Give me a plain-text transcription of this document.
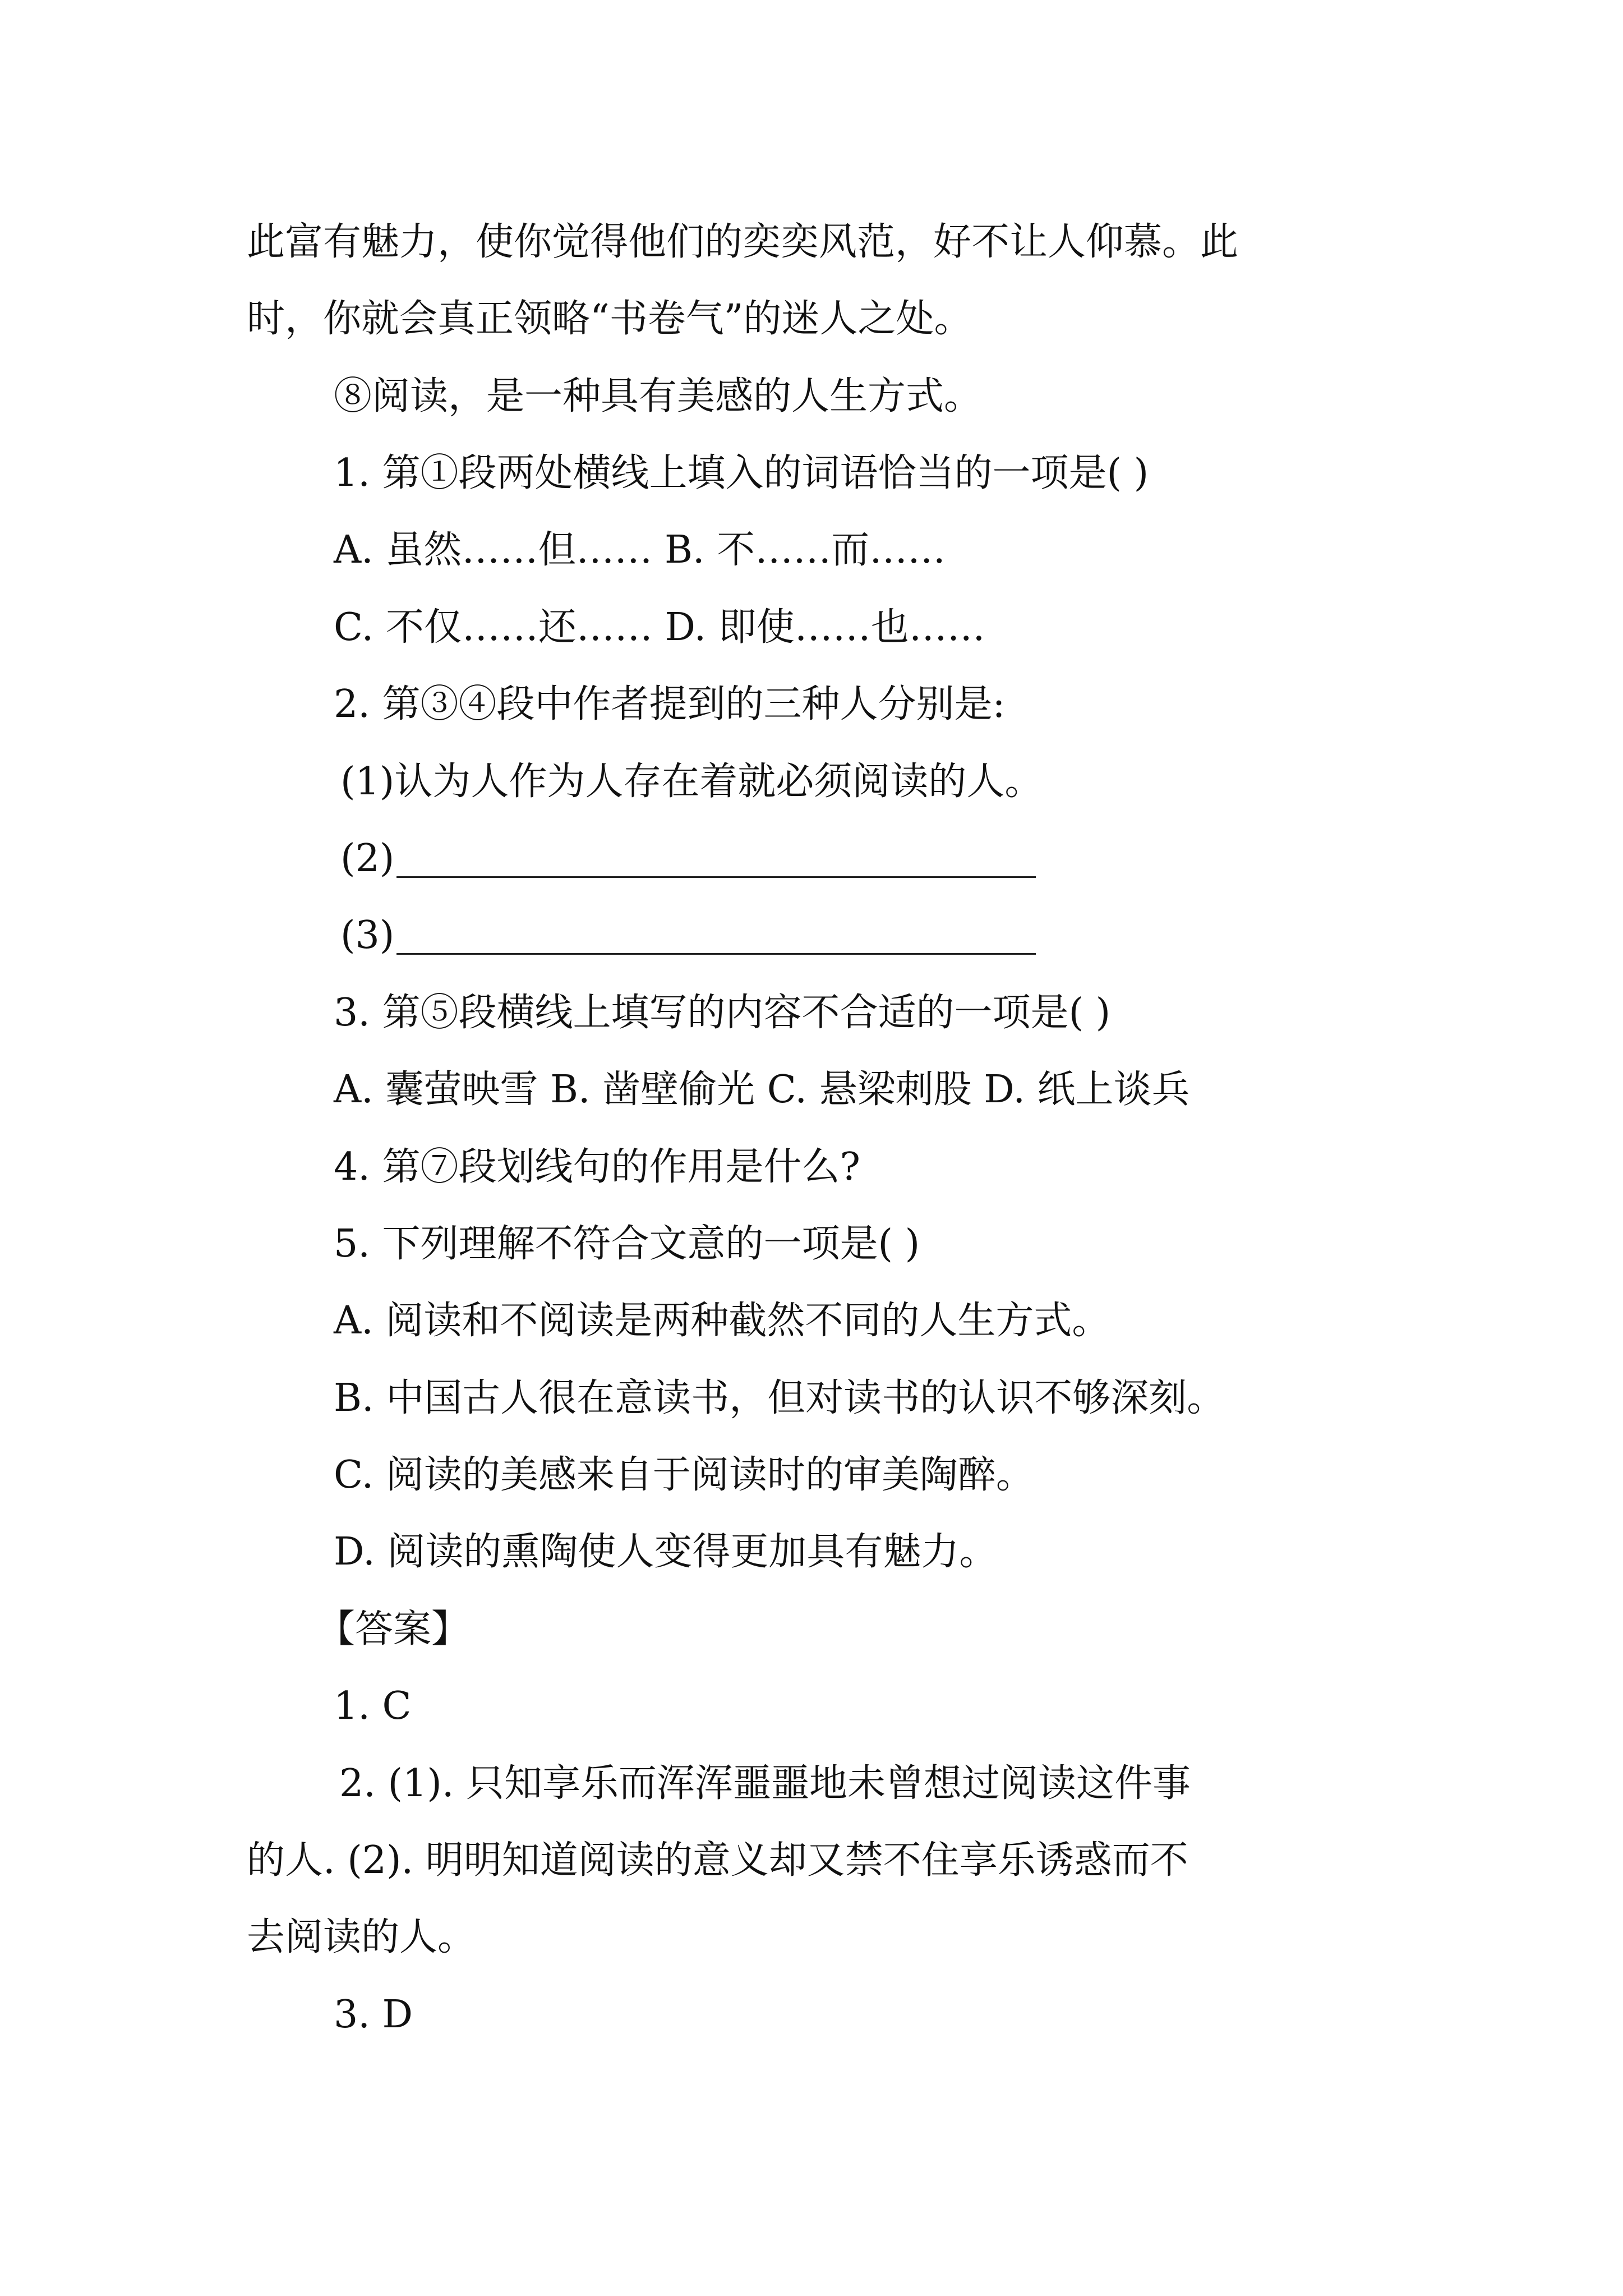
此富有魅力，使你觉得他们的奕奕风范，好不让人仰慕。此
时，你就会真正领略“书卷气”的迷人之处。
⑧阅读，是一种具有美感的人生方式。
1. 第①段两处横线上填入的词语恰当的一项是( )
A. 虽然……但…… B. 不……而……
C. 不仅……还…… D. 即使……也……
2. 第③④段中作者提到的三种人分别是:
(1)认为人作为人存在着就必须阅读的人。
(2)
(3)
3. 第⑤段横线上填写的内容不合适的一项是( )
A. 囊萤映雪 B. 凿壁偷光 C. 悬梁刺股 D. 纸上谈兵
4. 第⑦段划线句的作用是什么?
5. 下列理解不符合文意的一项是( )
A. 阅读和不阅读是两种截然不同的人生方式。
B. 中国古人很在意读书，但对读书的认识不够深刻。
C. 阅读的美感来自于阅读时的审美陶醉。
D. 阅读的熏陶使人变得更加具有魅力。
【答案】
1. C
2. (1). 只知享乐而浑浑噩噩地未曾想过阅读这件事
的人. (2). 明明知道阅读的意义却又禁不住享乐诱惑而不
去阅读的人。
3. D
